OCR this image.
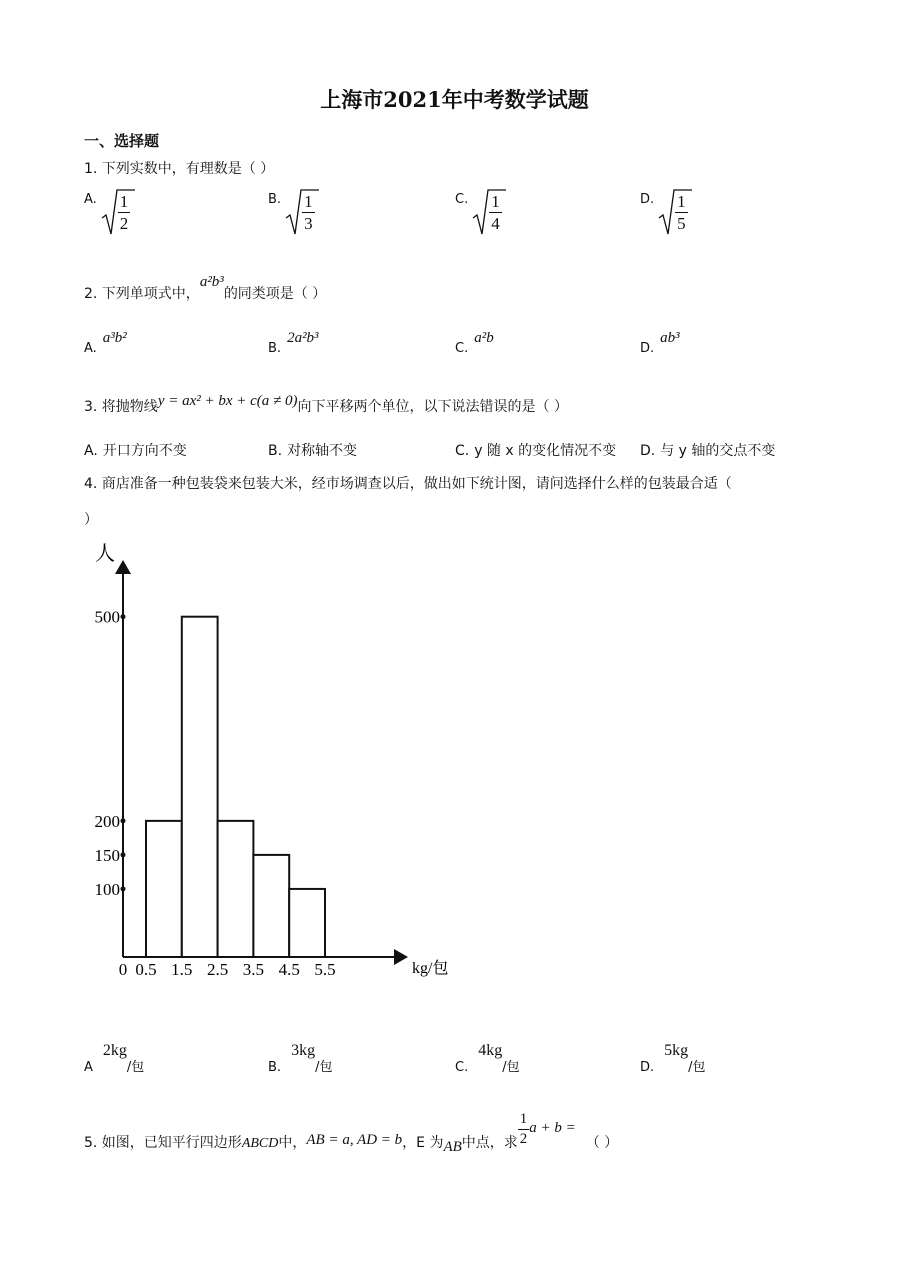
上海市2021年中考数学试题
一、选择题
1. 下列实数中，有理数是（ ）
A. $\frac{1}{2}$	B. $\frac{1}{3}$	C. $\frac{1}{4}$	D. $\frac{1}{5}$
2. 下列单项式中，a²b³的同类项是（ ）
A.a³b²
B.2a²b³
C.a²b
D.ab³
3. 将抛物线y = ax² + bx + c(a ≠ 0)向下平移两个单位，以下说法错误的是（ ）
A. 开口方向不变	B. 对称轴不变	C. y 随 x 的变化情况不变 D. 与 y 轴的交点不变
4. 商店准备一种包装袋来包装大米，经市场调查以后，做出如下统计图，请问选择什么样的包装最合适（
）
人
kg/包
500
200
150
100
0 0.5 1.5 2.5 3.5 4.5 5.5
A2kg/包	B.3kg/包	C.4kg/包	D.5kg/包
5. 如图，已知平行四边形ABCD中，AB = a, AD = b，E 为AB中点，求 $\frac{1}{2}$ a + b =（ ）
